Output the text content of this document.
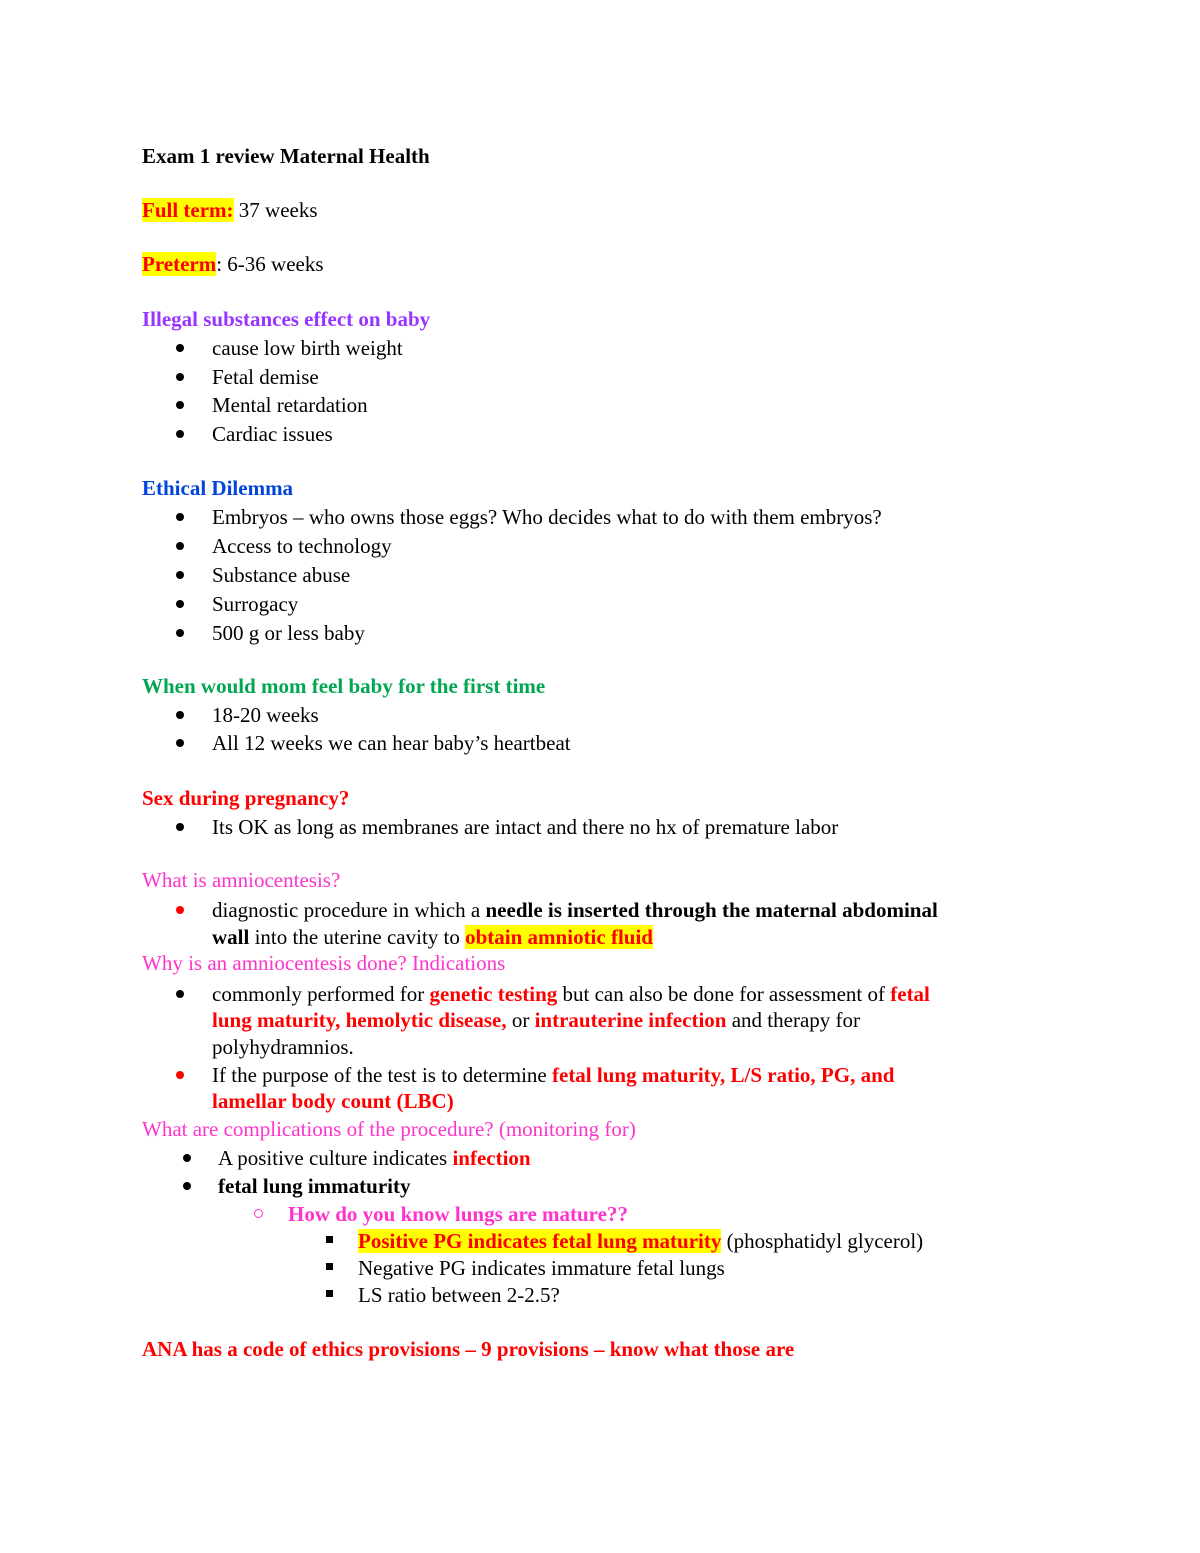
Exam 1 review Maternal Health
Full term: 37 weeks
Preterm: 6-36 weeks
Illegal substances effect on baby
cause low birth weight
Fetal demise
Mental retardation
Cardiac issues
Ethical Dilemma
Embryos – who owns those eggs? Who decides what to do with them embryos?
Access to technology
Substance abuse
Surrogacy
500 g or less baby
When would mom feel baby for the first time
18-20 weeks
All 12 weeks we can hear baby’s heartbeat
Sex during pregnancy?
Its OK as long as membranes are intact and there no hx of premature labor
What is amniocentesis?
diagnostic procedure in which a needle is inserted through the maternal abdominal
wall into the uterine cavity to obtain amniotic fluid
Why is an amniocentesis done? Indications
commonly performed for genetic testing but can also be done for assessment of fetal
lung maturity, hemolytic disease, or intrauterine infection and therapy for
polyhydramnios.
If the purpose of the test is to determine fetal lung maturity, L/S ratio, PG, and
lamellar body count (LBC)
What are complications of the procedure? (monitoring for)
A positive culture indicates infection
fetal lung immaturity
How do you know lungs are mature??
Positive PG indicates fetal lung maturity (phosphatidyl glycerol)
Negative PG indicates immature fetal lungs
LS ratio between 2-2.5?
ANA has a code of ethics provisions – 9 provisions – know what those are
